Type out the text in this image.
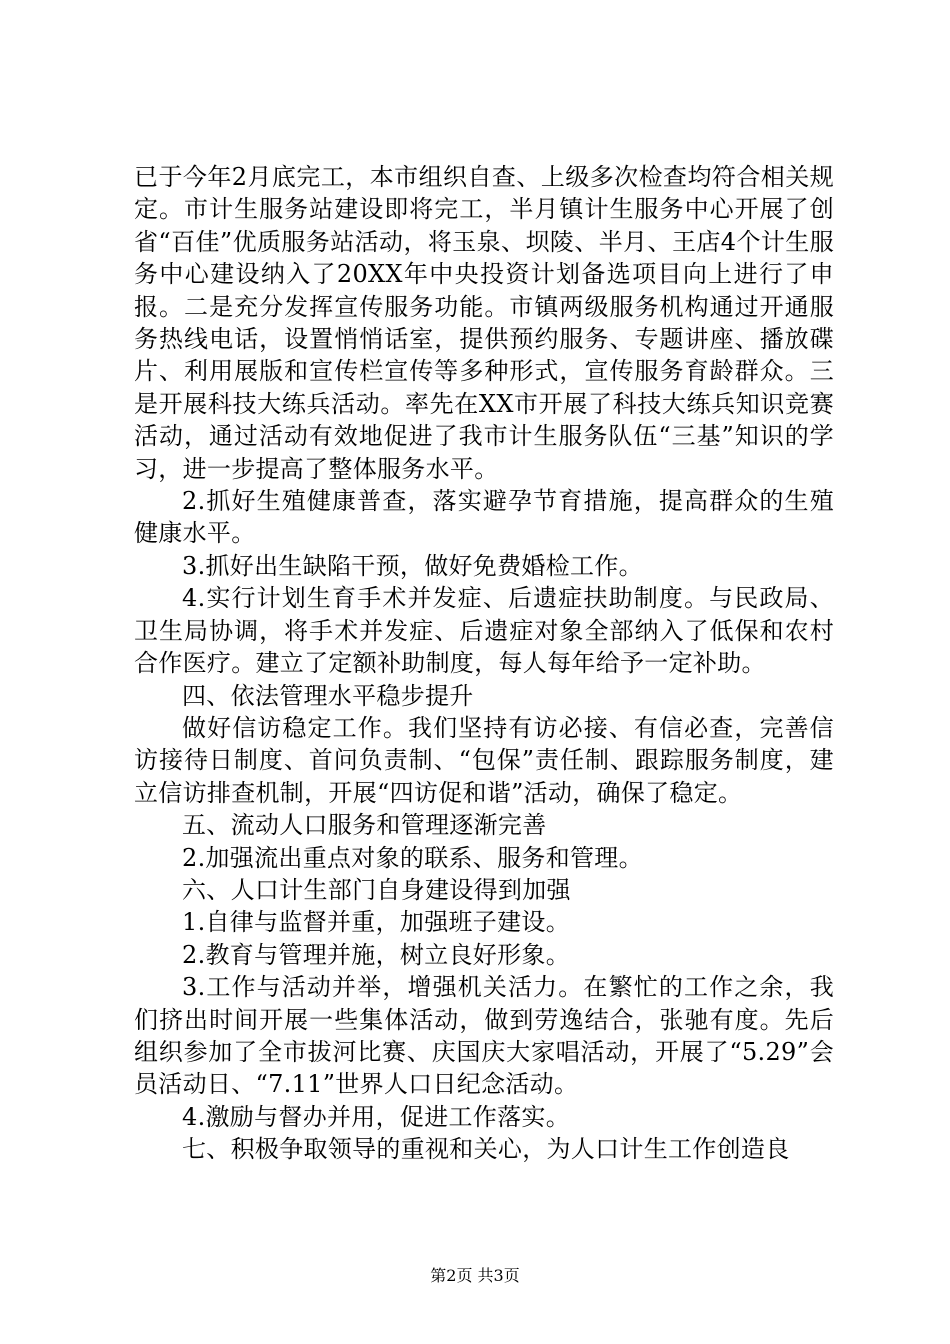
已于今年2月底完工，本市组织自查、上级多次检查均符合相关规定。市计生服务站建设即将完工，半月镇计生服务中心开展了创省“百佳”优质服务站活动，将玉泉、坝陵、半月、王店4个计生服务中心建设纳入了20XX年中央投资计划备选项目向上进行了申报。二是充分发挥宣传服务功能。市镇两级服务机构通过开通服务热线电话，设置悄悄话室，提供预约服务、专题讲座、播放碟片、利用展版和宣传栏宣传等多种形式，宣传服务育龄群众。三是开展科技大练兵活动。率先在XX市开展了科技大练兵知识竞赛活动，通过活动有效地促进了我市计生服务队伍“三基”知识的学习，进一步提高了整体服务水平。

2.抓好生殖健康普查，落实避孕节育措施，提高群众的生殖健康水平。

3.抓好出生缺陷干预，做好免费婚检工作。

4.实行计划生育手术并发症、后遗症扶助制度。与民政局、卫生局协调，将手术并发症、后遗症对象全部纳入了低保和农村合作医疗。建立了定额补助制度，每人每年给予一定补助。

四、依法管理水平稳步提升

做好信访稳定工作。我们坚持有访必接、有信必查，完善信访接待日制度、首问负责制、“包保”责任制、跟踪服务制度，建立信访排查机制，开展“四访促和谐”活动，确保了稳定。

五、流动人口服务和管理逐渐完善

2.加强流出重点对象的联系、服务和管理。

六、人口计生部门自身建设得到加强

1.自律与监督并重，加强班子建设。

2.教育与管理并施，树立良好形象。

3.工作与活动并举，增强机关活力。在繁忙的工作之余，我们挤出时间开展一些集体活动，做到劳逸结合，张驰有度。先后组织参加了全市拔河比赛、庆国庆大家唱活动，开展了“5.29”会员活动日、“7.11”世界人口日纪念活动。

4.激励与督办并用，促进工作落实。

七、积极争取领导的重视和关心，为人口计生工作创造良

第2页 共3页
